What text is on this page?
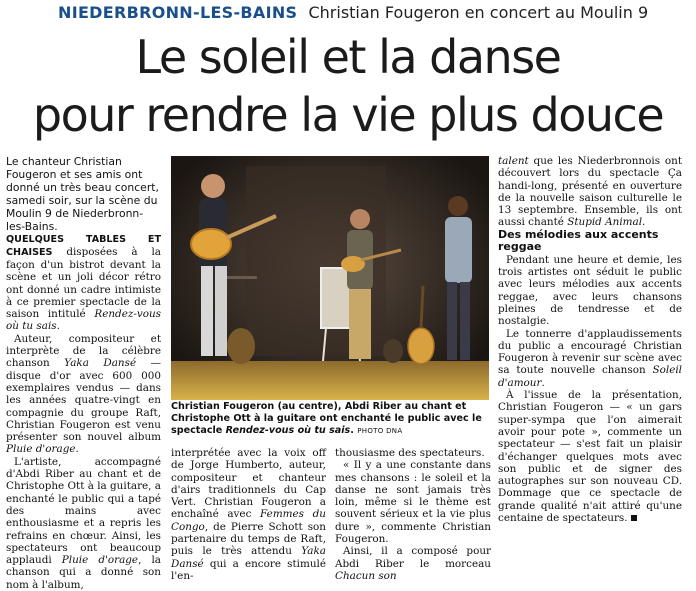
NIEDERBRONN-LES-BAINS Christian Fougeron en concert au Moulin 9
Le soleil et la danse
pour rendre la vie plus douce

Le chanteur Christian Fougeron et ses amis ont donné un très beau concert, samedi soir, sur la scène du Moulin 9 de Niederbronn-les-Bains.

QUELQUES TABLES ET CHAISES disposées à la façon d'un bistrot devant la scène et un joli décor rétro ont donné un cadre intimiste à ce premier spectacle de la saison intitulé Rendez-vous où tu sais.

Auteur, compositeur et interprète de la célèbre chanson Yaka Dansé — disque d'or avec 600 000 exemplaires vendus — dans les années quatre-vingt en compagnie du groupe Raft, Christian Fougeron est venu présenter son nouvel album Pluie d'orage.

L'artiste, accompagné d'Abdi Riber au chant et de Christophe Ott à la guitare, a enchanté le public qui a tapé des mains avec enthousiasme et a repris les refrains en chœur. Ainsi, les spectateurs ont beaucoup applaudi Pluie d'orage, la chanson qui a donné son nom à l'album,

Christian Fougeron (au centre), Abdi Riber au chant et Christophe Ott à la guitare ont enchanté le public avec le spectacle Rendez-vous où tu sais. PHOTO DNA

interprétée avec la voix off de Jorge Humberto, auteur, compositeur et chanteur d'airs traditionnels du Cap Vert. Christian Fougeron a enchaîné avec Femmes du Congo, de Pierre Schott son partenaire du temps de Raft, puis le très attendu Yaka Dansé qui a encore stimulé l'en-

thousiasme des spectateurs.

« Il y a une constante dans mes chansons : le soleil et la danse ne sont jamais très loin, même si le thème est souvent sérieux et la vie plus dure », commente Christian Fougeron.

Ainsi, il a composé pour Abdi Riber le morceau Chacun son

talent que les Niederbronnois ont découvert lors du spectacle Ça handi-long, présenté en ouverture de la nouvelle saison culturelle le 13 septembre. Ensemble, ils ont aussi chanté Stupid Animal.

Des mélodies aux accents reggae

Pendant une heure et demie, les trois artistes ont séduit le public avec leurs mélodies aux accents reggae, avec leurs chansons pleines de tendresse et de nostalgie.

Le tonnerre d'applaudissements du public a encouragé Christian Fougeron à revenir sur scène avec sa toute nouvelle chanson Soleil d'amour.

À l'issue de la présentation, Christian Fougeron — « un gars super-sympa que l'on aimerait avoir pour pote », commente un spectateur — s'est fait un plaisir d'échanger quelques mots avec son public et de signer des autographes sur son nouveau CD. Dommage que ce spectacle de grande qualité n'ait attiré qu'une centaine de spectateurs.
